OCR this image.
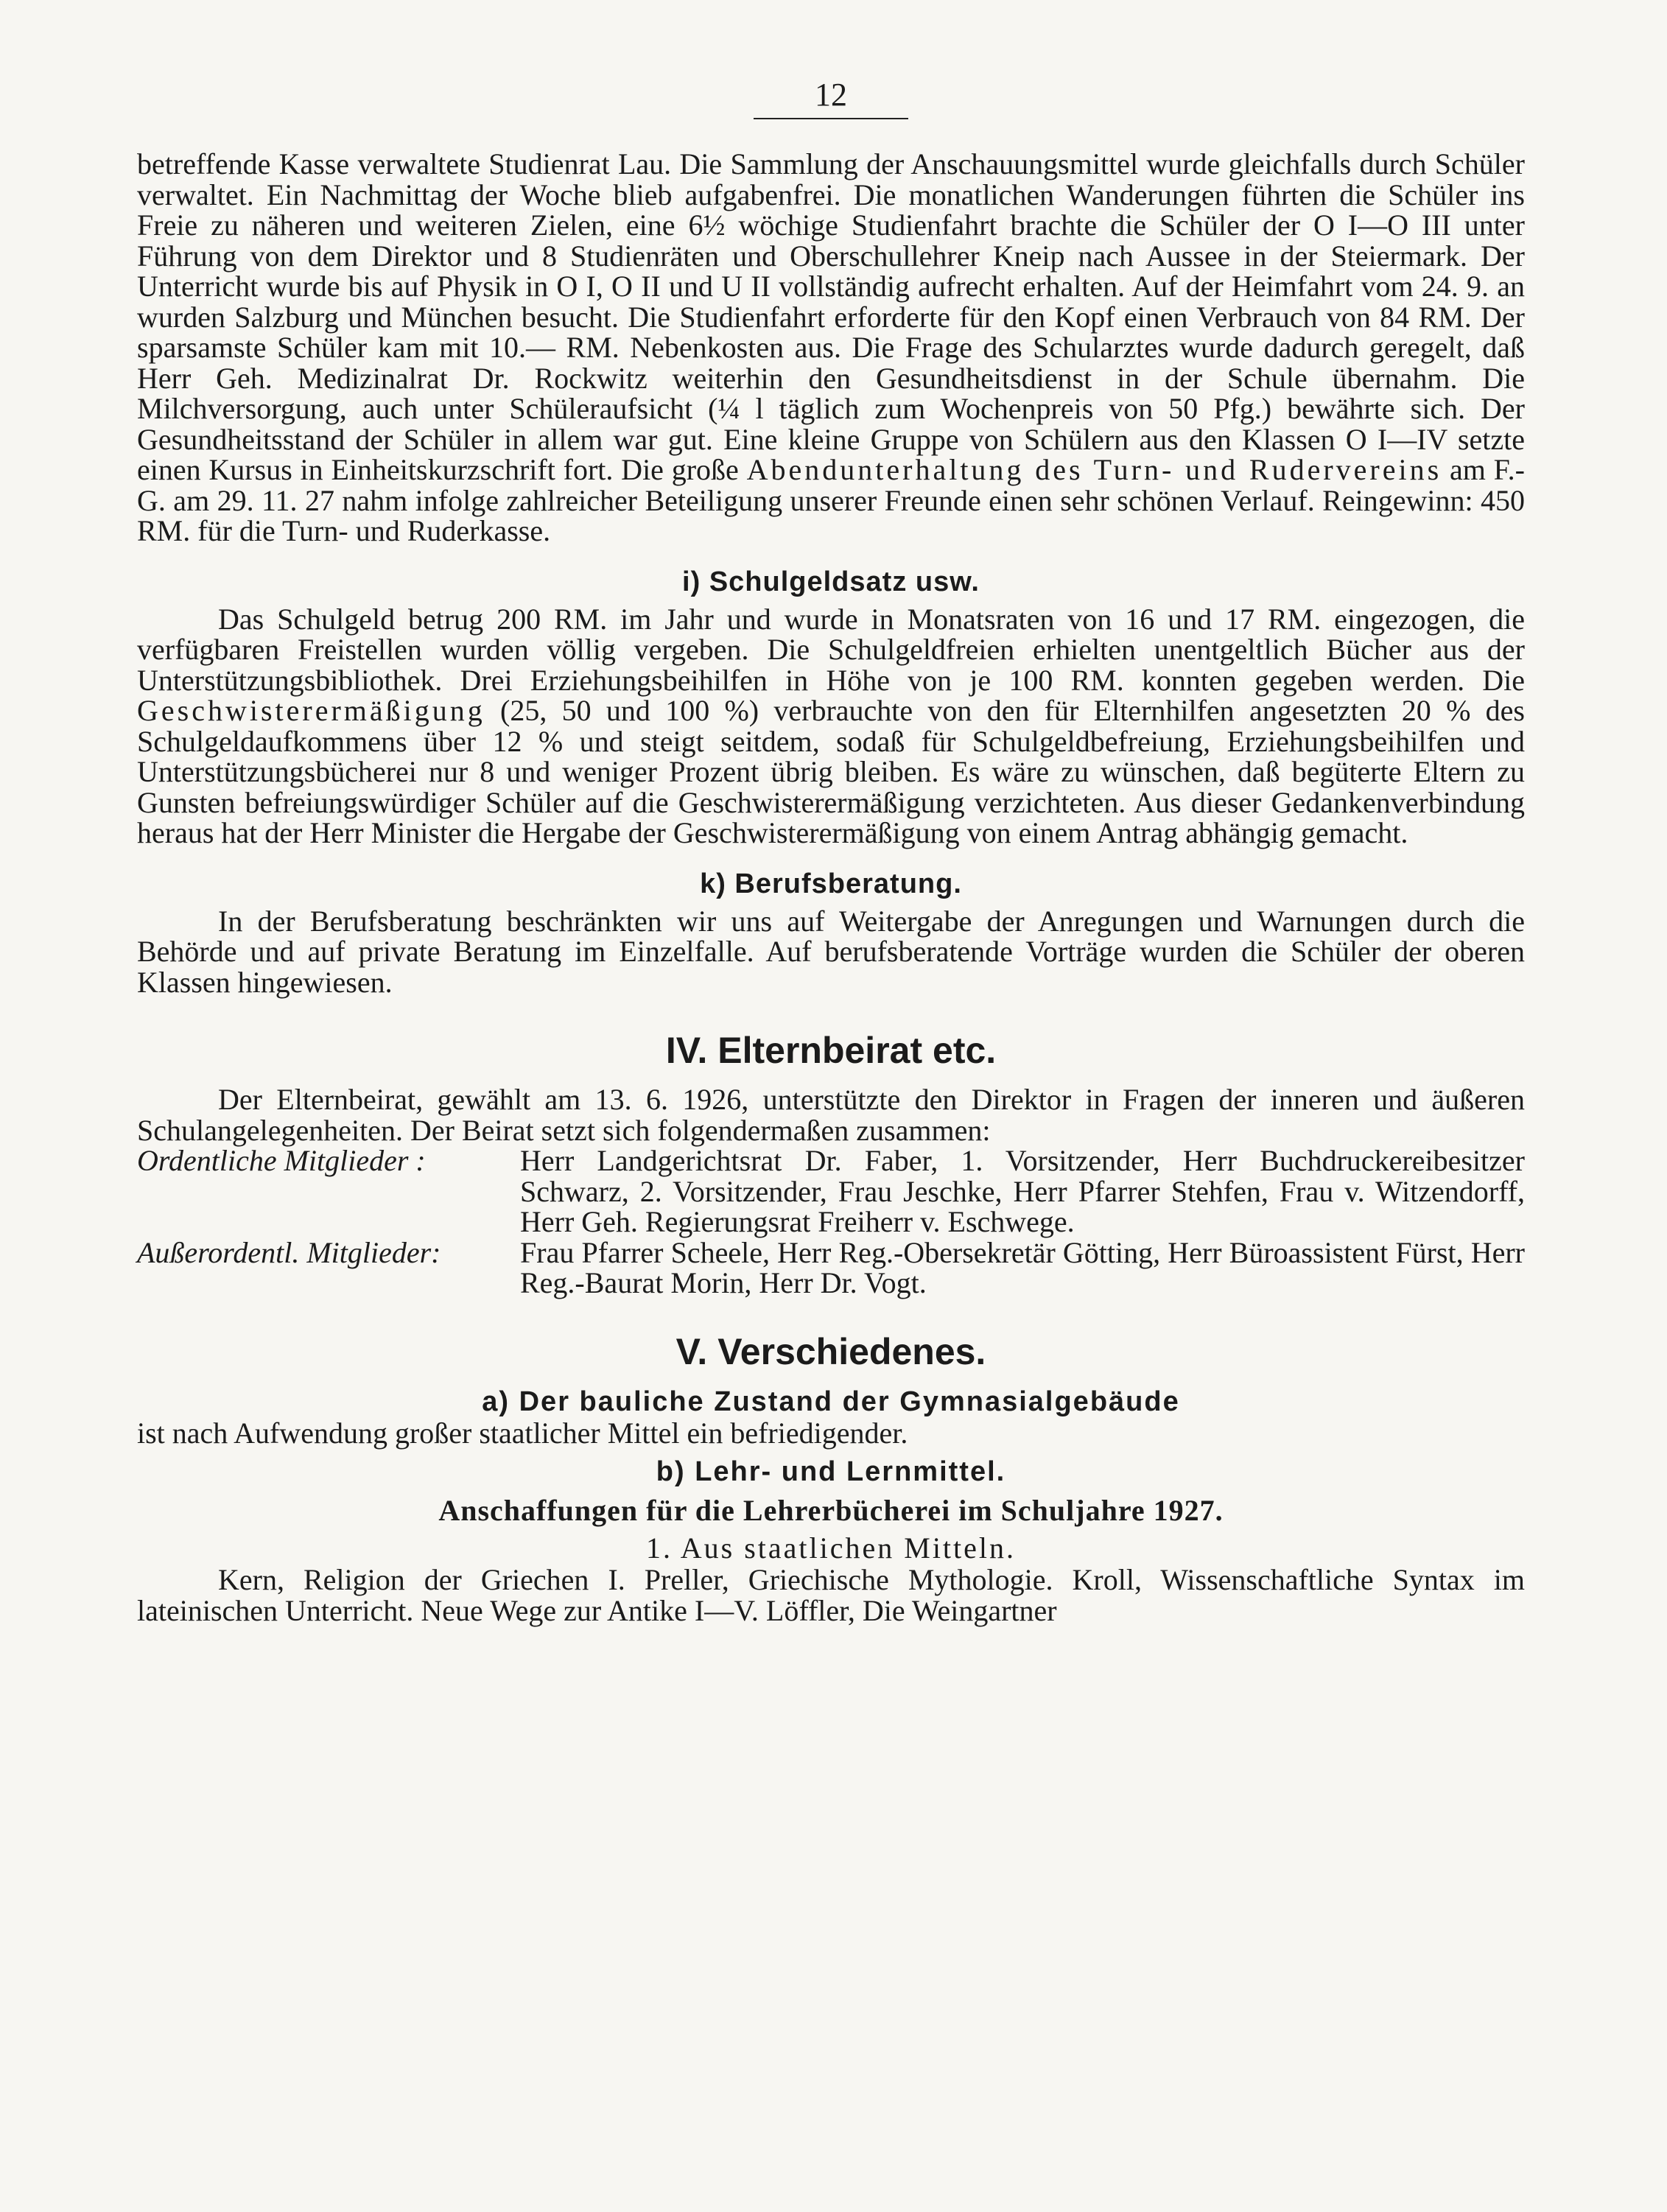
12

betreffende Kasse verwaltete Studienrat Lau. Die Sammlung der Anschauungsmittel wurde gleichfalls durch Schüler verwaltet. Ein Nachmittag der Woche blieb aufgabenfrei. Die monatlichen Wanderungen führten die Schüler ins Freie zu näheren und weiteren Zielen, eine 6½ wöchige Studienfahrt brachte die Schüler der O I—O III unter Führung von dem Direktor und 8 Studienräten und Oberschullehrer Kneip nach Aussee in der Steiermark. Der Unterricht wurde bis auf Physik in O I, O II und U II vollständig aufrecht erhalten. Auf der Heimfahrt vom 24. 9. an wurden Salzburg und München besucht. Die Studienfahrt erforderte für den Kopf einen Verbrauch von 84 RM. Der sparsamste Schüler kam mit 10.— RM. Nebenkosten aus. Die Frage des Schularztes wurde dadurch geregelt, daß Herr Geh. Medizinalrat Dr. Rockwitz weiterhin den Gesundheitsdienst in der Schule übernahm. Die Milchversorgung, auch unter Schüleraufsicht (¼ l täglich zum Wochenpreis von 50 Pfg.) bewährte sich. Der Gesundheitsstand der Schüler in allem war gut. Eine kleine Gruppe von Schülern aus den Klassen O I—IV setzte einen Kursus in Einheitskurzschrift fort. Die große Abendunterhaltung des Turn- und Rudervereins am F.-G. am 29. 11. 27 nahm infolge zahlreicher Beteiligung unserer Freunde einen sehr schönen Verlauf. Reingewinn: 450 RM. für die Turn- und Ruderkasse.

i) Schulgeldsatz usw.

Das Schulgeld betrug 200 RM. im Jahr und wurde in Monatsraten von 16 und 17 RM. eingezogen, die verfügbaren Freistellen wurden völlig vergeben. Die Schulgeldfreien erhielten unentgeltlich Bücher aus der Unterstützungsbibliothek. Drei Erziehungsbeihilfen in Höhe von je 100 RM. konnten gegeben werden. Die Geschwisterermäßigung (25, 50 und 100 %) verbrauchte von den für Elternhilfen angesetzten 20 % des Schulgeldaufkommens über 12 % und steigt seitdem, sodaß für Schulgeldbefreiung, Erziehungsbeihilfen und Unterstützungsbücherei nur 8 und weniger Prozent übrig bleiben. Es wäre zu wünschen, daß begüterte Eltern zu Gunsten befreiungswürdiger Schüler auf die Geschwisterermäßigung verzichteten. Aus dieser Gedankenverbindung heraus hat der Herr Minister die Hergabe der Geschwisterermäßigung von einem Antrag abhängig gemacht.

k) Berufsberatung.

In der Berufsberatung beschränkten wir uns auf Weitergabe der Anregungen und Warnungen durch die Behörde und auf private Beratung im Einzelfalle. Auf berufsberatende Vorträge wurden die Schüler der oberen Klassen hingewiesen.

IV. Elternbeirat etc.

Der Elternbeirat, gewählt am 13. 6. 1926, unterstützte den Direktor in Fragen der inneren und äußeren Schulangelegenheiten. Der Beirat setzt sich folgendermaßen zusammen:

Ordentliche Mitglieder :	Herr Landgerichtsrat Dr. Faber, 1. Vorsitzender, Herr Buchdruckereibesitzer Schwarz, 2. Vorsitzender, Frau Jeschke, Herr Pfarrer Stehfen, Frau v. Witzendorff, Herr Geh. Regierungsrat Freiherr v. Eschwege.
Außerordentl. Mitglieder:	Frau Pfarrer Scheele, Herr Reg.-Obersekretär Götting, Herr Büroassistent Fürst, Herr Reg.-Baurat Morin, Herr Dr. Vogt.
V. Verschiedenes.
a) Der bauliche Zustand der Gymnasialgebäude
ist nach Aufwendung großer staatlicher Mittel ein befriedigender.
b) Lehr- und Lernmittel.
Anschaffungen für die Lehrerbücherei im Schuljahre 1927.
1. Aus staatlichen Mitteln.

Kern, Religion der Griechen I. Preller, Griechische Mythologie. Kroll, Wissenschaftliche Syntax im lateinischen Unterricht. Neue Wege zur Antike I—V. Löffler, Die Weingartner
